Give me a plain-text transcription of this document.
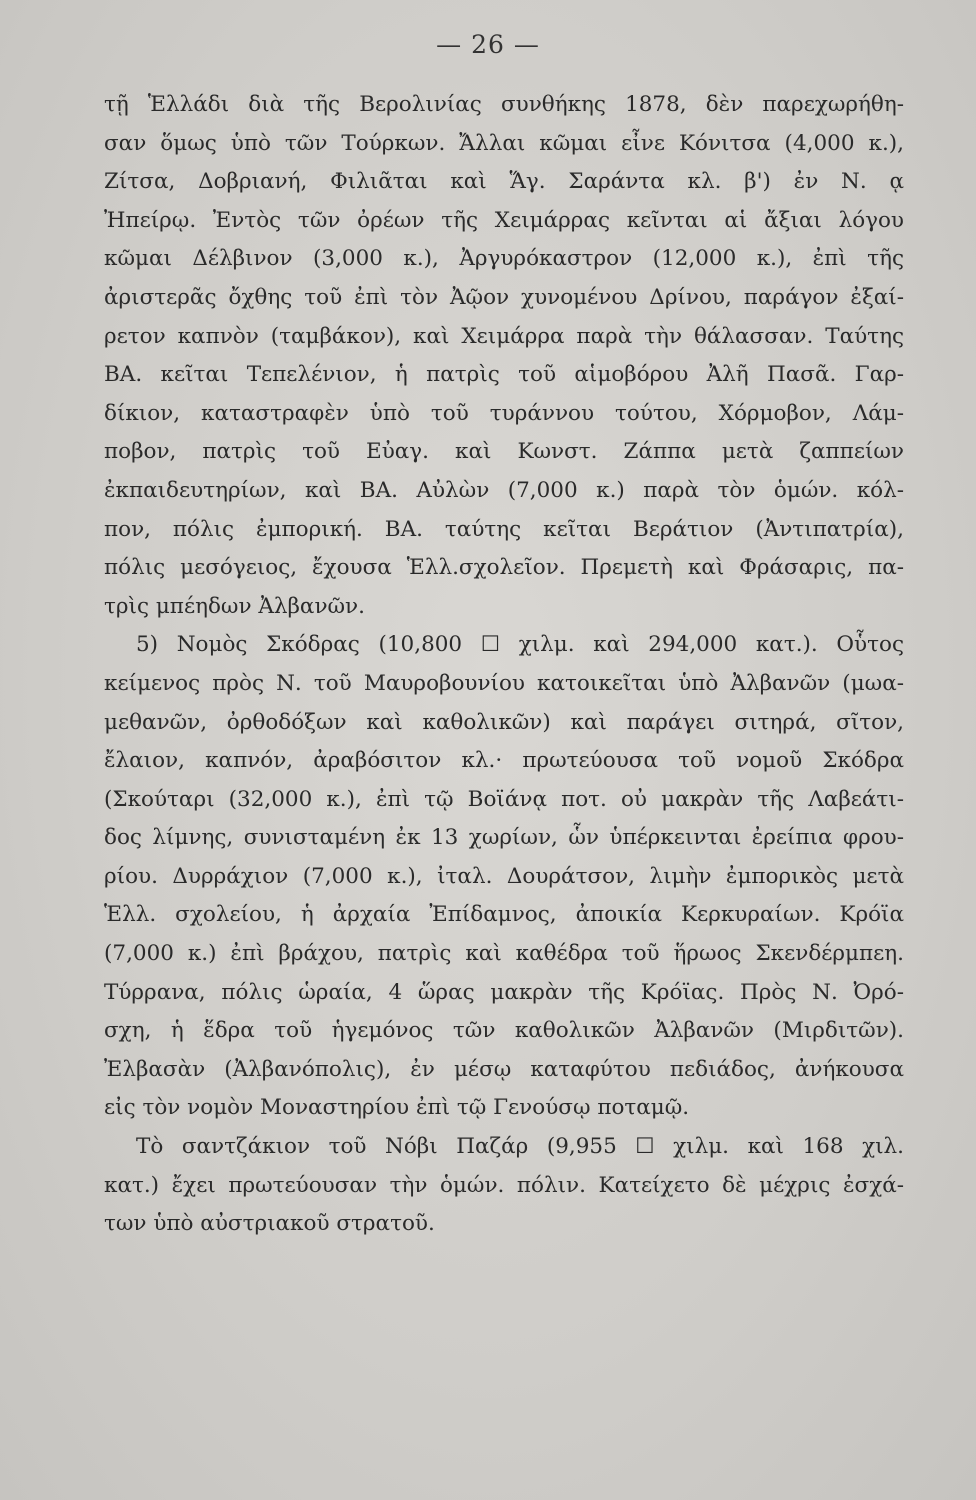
— 26 —
τῇ Ἑλλάδι διὰ τῆς Βερολινίας συνθήκης 1878, δὲν παρεχωρήθη-
σαν ὅμως ὑπὸ τῶν Τούρκων. Ἄλλαι κῶμαι εἶνε Κόνιτσα (4,000 κ.),
Ζίτσα, Δοβριανή, Φιλιᾶται καὶ Ἅγ. Σαράντα κλ. β') ἐν Ν. ᾳ
Ἠπείρῳ. Ἐντὸς τῶν ὀρέων τῆς Χειμάρρας κεῖνται αἱ ἄξιαι λόγου
κῶμαι Δέλβινον (3,000 κ.), Ἀργυρόκαστρον (12,000 κ.), ἐπὶ τῆς
ἀριστερᾶς ὄχθης τοῦ ἐπὶ τὸν Ἀῷον χυνομένου Δρίνου, παράγον ἐξαί-
ρετον καπνὸν (ταμβάκον), καὶ Χειμάρρα παρὰ τὴν θάλασσαν. Ταύτης
ΒΑ. κεῖται Τεπελένιον, ἡ πατρὶς τοῦ αἱμοβόρου Ἀλῆ Πασᾶ. Γαρ-
δίκιον, καταστραφὲν ὑπὸ τοῦ τυράννου τούτου, Χόρμοβον, Λάμ-
ποβον, πατρὶς τοῦ Εὐαγ. καὶ Κωνστ. Ζάππα μετὰ ζαππείων
ἐκπαιδευτηρίων, καὶ ΒΑ. Αὐλὼν (7,000 κ.) παρὰ τὸν ὁμών. κόλ-
πον, πόλις ἐμπορική. ΒΑ. ταύτης κεῖται Βεράτιον (Ἀντιπατρία),
πόλις μεσόγειος, ἔχουσα Ἑλλ.σχολεῖον. Πρεμετὴ καὶ Φράσαρις, πα-
τρὶς μπέηδων Ἀλβανῶν.
5) Νομὸς Σκόδρας (10,800 ☐ χιλμ. καὶ 294,000 κατ.). Οὗτος
κείμενος πρὸς Ν. τοῦ Μαυροβουνίου κατοικεῖται ὑπὸ Ἀλβανῶν (μωα-
μεθανῶν, ὀρθοδόξων καὶ καθολικῶν) καὶ παράγει σιτηρά, σῖτον,
ἔλαιον, καπνόν, ἀραβόσιτον κλ.· πρωτεύουσα τοῦ νομοῦ Σκόδρα
(Σκούταρι (32,000 κ.), ἐπὶ τῷ Βοϊάνᾳ ποτ. οὐ μακρὰν τῆς Λαβεάτι-
δος λίμνης, συνισταμένη ἐκ 13 χωρίων, ὧν ὑπέρκεινται ἐρείπια φρου-
ρίου. Δυρράχιον (7,000 κ.), ἰταλ. Δουράτσον, λιμὴν ἐμπορικὸς μετὰ
Ἑλλ. σχολείου, ἡ ἀρχαία Ἐπίδαμνος, ἀποικία Κερκυραίων. Κρόϊα
(7,000 κ.) ἐπὶ βράχου, πατρὶς καὶ καθέδρα τοῦ ἥρωος Σκενδέρμπεη.
Τύρρανα, πόλις ὡραία, 4 ὥρας μακρὰν τῆς Κρόϊας. Πρὸς Ν. Ὀρό-
σχη, ἡ ἕδρα τοῦ ἡγεμόνος τῶν καθολικῶν Ἀλβανῶν (Μιρδιτῶν).
Ἐλβασὰν (Ἀλβανόπολις), ἐν μέσῳ καταφύτου πεδιάδος, ἀνήκουσα
εἰς τὸν νομὸν Μοναστηρίου ἐπὶ τῷ Γενούσῳ ποταμῷ.
Τὸ σαντζάκιον τοῦ Νόβι Παζάρ (9,955 ☐ χιλμ. καὶ 168 χιλ.
κατ.) ἔχει πρωτεύουσαν τὴν ὁμών. πόλιν. Κατείχετο δὲ μέχρις ἐσχά-
των ὑπὸ αὐστριακοῦ στρατοῦ.
